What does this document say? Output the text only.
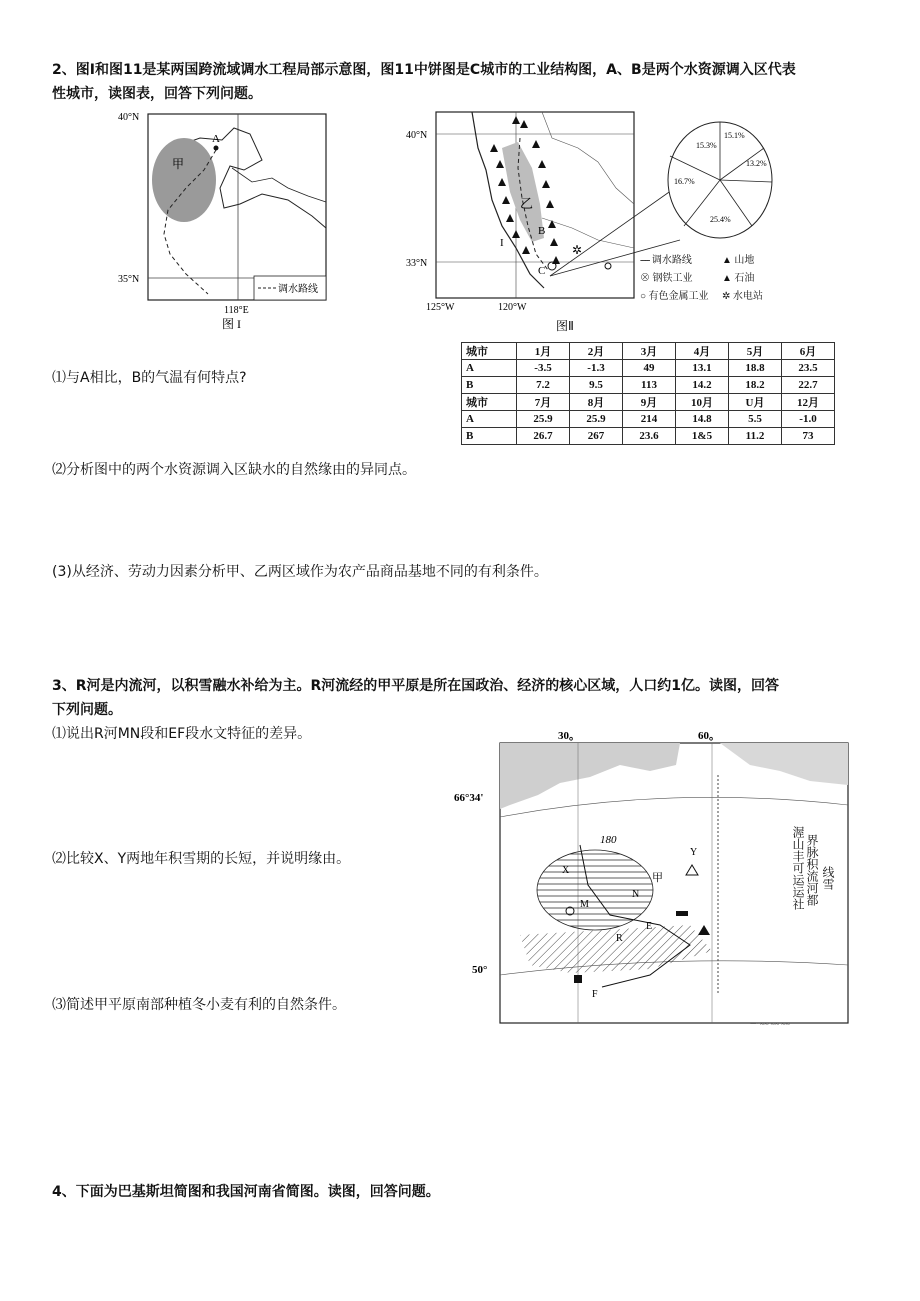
2、图I和图11是某两国跨流域调水工程局部示意图，图11中饼图是C城市的工业结构图，A、B是两个水资源调入区代表
性城市，读图表，回答下列问题。
A
甲
40°N
35°N
118°E
调水路线
图 I
乙
B
C
I	✲
40°N
33°N
125°W	120°W
图Ⅱ
15.3%
15.1%
13.2%
16.7%
25.4%
---- 调水路线	▲ 山地
⊗ 钢铁工业	▲ 石油
○ 有色金属工业	✲ 水电站
城市	1月	2月	3月	4月	5月	6月
A	-3.5	-1.3	49	13.1	18.8	23.5
B	7.2	9.5	113	14.2	18.2	22.7
城市	7月	8月	9月	10月	U月	12月
A	25.9	25.9	214	14.8	5.5	-1.0
B	26.7	267	23.6	1&5	11.2	73
⑴与A相比，B的气温有何特点?
⑵分析图中的两个水资源调入区缺水的自然缘由的异同点。
(3)从经济、劳动力因素分析甲、乙两区域作为农产品商品基地不同的有利条件。
3、R河是内流河，以积雪融水补给为主。R河流经的甲平原是所在国政治、经济的核心区域，人口约1亿。读图，回答
下列问题。
⑴说出R河MN段和EF段水文特征的差异。
⑵比较X、Y两地年积雪期的长短，并说明缘由。
⑶简述甲平原南部种植冬小麦有利的自然条件。
180
X
Y
M
N
E
R
F
甲
30。	60。
66°34'
50°
一 ~~ ~~ ~~
渥山丰可运运社 界脉积流河都 线雪
4、下面为巴基斯坦简图和我国河南省简图。读图，回答问题。
